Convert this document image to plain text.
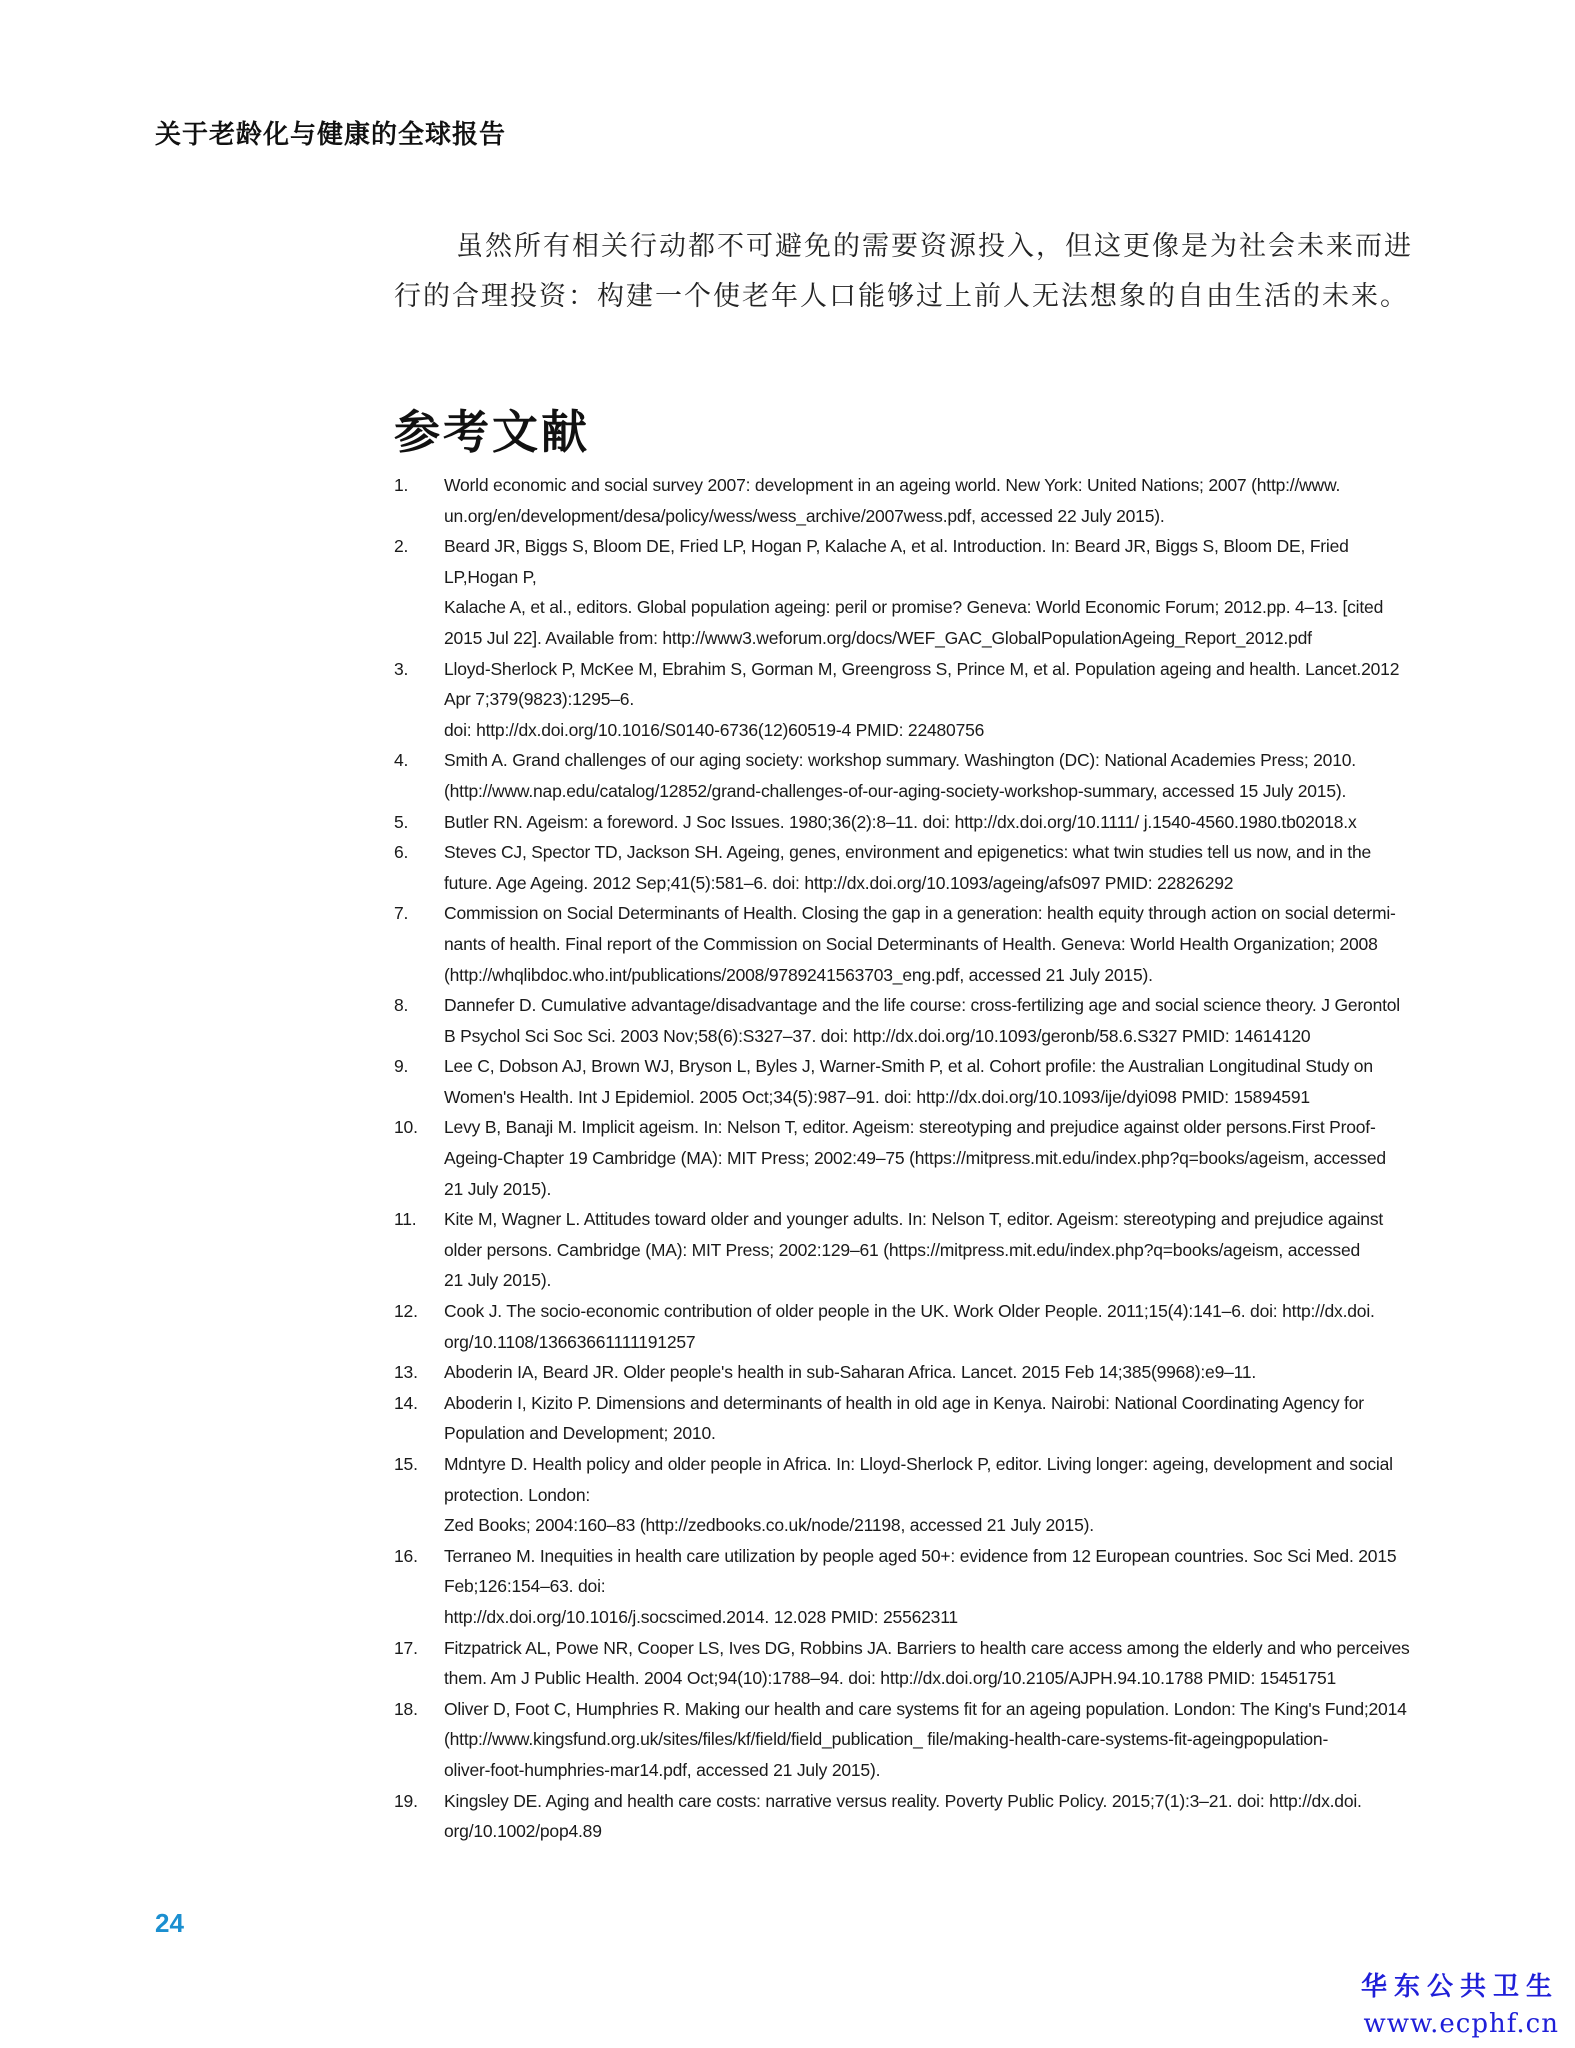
关于老龄化与健康的全球报告
虽然所有相关行动都不可避免的需要资源投入，但这更像是为社会未来而进
行的合理投资：构建一个使老年人口能够过上前人无法想象的自由生活的未来。
参考文献
1. World economic and social survey 2007: development in an ageing world. New York: United Nations; 2007 (http://www.
un.org/en/development/desa/policy/wess/wess_archive/2007wess.pdf, accessed 22 July 2015).
2. Beard JR, Biggs S, Bloom DE, Fried LP, Hogan P, Kalache A, et al. Introduction. In: Beard JR, Biggs S, Bloom DE, Fried LP,Hogan P,
Kalache A, et al., editors. Global population ageing: peril or promise? Geneva: World Economic Forum; 2012.pp. 4–13. [cited
2015 Jul 22]. Available from: http://www3.weforum.org/docs/WEF_GAC_GlobalPopulationAgeing_Report_2012.pdf
3. Lloyd-Sherlock P, McKee M, Ebrahim S, Gorman M, Greengross S, Prince M, et al. Population ageing and health. Lancet.2012
Apr 7;379(9823):1295–6.
doi: http://dx.doi.org/10.1016/S0140-6736(12)60519-4 PMID: 22480756
4. Smith A. Grand challenges of our aging society: workshop summary. Washington (DC): National Academies Press; 2010.
(http://www.nap.edu/catalog/12852/grand-challenges-of-our-aging-society-workshop-summary, accessed 15 July 2015).
5. Butler RN. Ageism: a foreword. J Soc Issues. 1980;36(2):8–11. doi: http://dx.doi.org/10.1111/ j.1540-4560.1980.tb02018.x
6. Steves CJ, Spector TD, Jackson SH. Ageing, genes, environment and epigenetics: what twin studies tell us now, and in the
future. Age Ageing. 2012 Sep;41(5):581–6. doi: http://dx.doi.org/10.1093/ageing/afs097 PMID: 22826292
7. Commission on Social Determinants of Health. Closing the gap in a generation: health equity through action on social determi-
nants of health. Final report of the Commission on Social Determinants of Health. Geneva: World Health Organization; 2008
(http://whqlibdoc.who.int/publications/2008/9789241563703_eng.pdf, accessed 21 July 2015).
8. Dannefer D. Cumulative advantage/disadvantage and the life course: cross-fertilizing age and social science theory. J Gerontol
B Psychol Sci Soc Sci. 2003 Nov;58(6):S327–37. doi: http://dx.doi.org/10.1093/geronb/58.6.S327 PMID: 14614120
9. Lee C, Dobson AJ, Brown WJ, Bryson L, Byles J, Warner-Smith P, et al. Cohort profile: the Australian Longitudinal Study on
Women's Health. Int J Epidemiol. 2005 Oct;34(5):987–91. doi: http://dx.doi.org/10.1093/ije/dyi098 PMID: 15894591
10. Levy B, Banaji M. Implicit ageism. In: Nelson T, editor. Ageism: stereotyping and prejudice against older persons.First Proof-
Ageing-Chapter 19 Cambridge (MA): MIT Press; 2002:49–75 (https://mitpress.mit.edu/index.php?q=books/ageism, accessed
21 July 2015).
11. Kite M, Wagner L. Attitudes toward older and younger adults. In: Nelson T, editor. Ageism: stereotyping and prejudice against
older persons. Cambridge (MA): MIT Press; 2002:129–61 (https://mitpress.mit.edu/index.php?q=books/ageism, accessed
21 July 2015).
12. Cook J. The socio-economic contribution of older people in the UK. Work Older People. 2011;15(4):141–6. doi: http://dx.doi.
org/10.1108/13663661111191257
13. Aboderin IA, Beard JR. Older people's health in sub-Saharan Africa. Lancet. 2015 Feb 14;385(9968):e9–11.
14. Aboderin I, Kizito P. Dimensions and determinants of health in old age in Kenya. Nairobi: National Coordinating Agency for
Population and Development; 2010.
15. Mdntyre D. Health policy and older people in Africa. In: Lloyd-Sherlock P, editor. Living longer: ageing, development and social
protection. London:
Zed Books; 2004:160–83 (http://zedbooks.co.uk/node/21198, accessed 21 July 2015).
16. Terraneo M. Inequities in health care utilization by people aged 50+: evidence from 12 European countries. Soc Sci Med. 2015
Feb;126:154–63. doi:
http://dx.doi.org/10.1016/j.socscimed.2014. 12.028 PMID: 25562311
17. Fitzpatrick AL, Powe NR, Cooper LS, Ives DG, Robbins JA. Barriers to health care access among the elderly and who perceives
them. Am J Public Health. 2004 Oct;94(10):1788–94. doi: http://dx.doi.org/10.2105/AJPH.94.10.1788 PMID: 15451751
18. Oliver D, Foot C, Humphries R. Making our health and care systems fit for an ageing population. London: The King's Fund;2014
(http://www.kingsfund.org.uk/sites/files/kf/field/field_publication_ file/making-health-care-systems-fit-ageingpopulation-
oliver-foot-humphries-mar14.pdf, accessed 21 July 2015).
19. Kingsley DE. Aging and health care costs: narrative versus reality. Poverty Public Policy. 2015;7(1):3–21. doi: http://dx.doi.
org/10.1002/pop4.89
24
华东公共卫生
www.ecphf.cn
